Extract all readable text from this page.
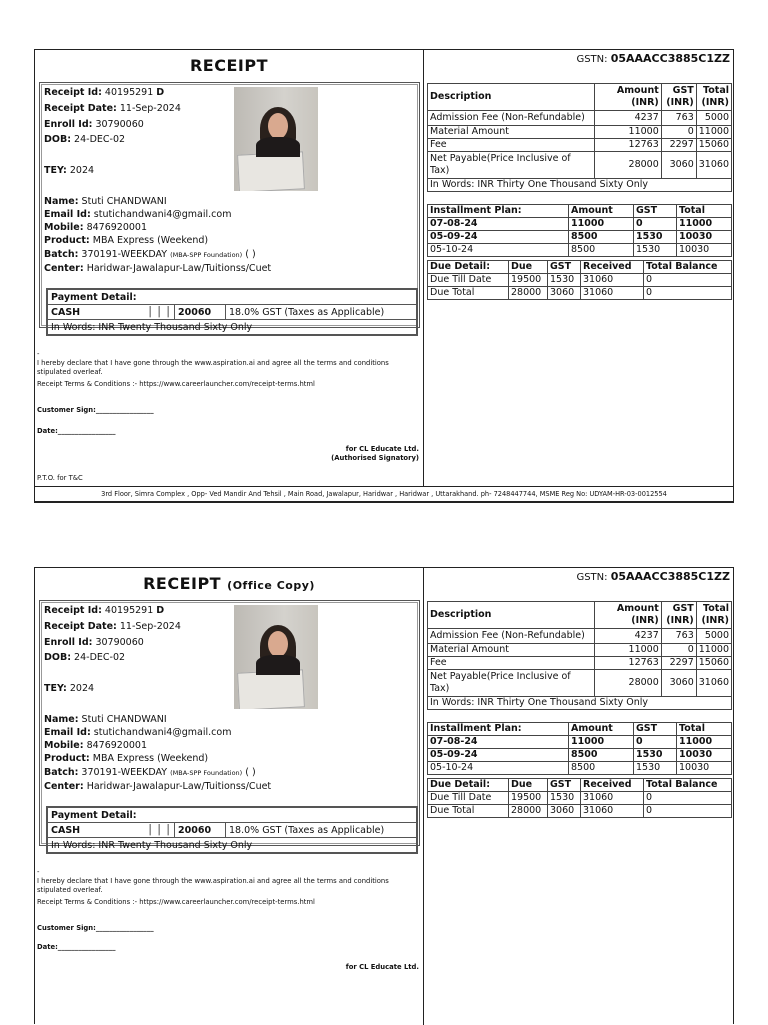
RECEIPT
Receipt Id: 40195291 D
Receipt Date: 11-Sep-2024
Enroll Id: 30790060
DOB: 24-DEC-02
TEY: 2024
Name: Stuti CHANDWANI
Email Id: stutichandwani4@gmail.com
Mobile: 8476920001
Product: MBA Express (Weekend)
Batch: 370191-WEEKDAY (MBA-SPP Foundation) ( )
Center: Haridwar-Jawalapur-Law/Tuitionss/Cuet
Payment Detail:
CASH	│ │ │	20060	18.0% GST (Taxes as Applicable)
In Words: INR Twenty Thousand Sixty Only
-
I hereby declare that I have gone through the www.aspiration.ai and agree all the terms and conditions stipulated overleaf.
Receipt Terms & Conditions :- https://www.careerlauncher.com/receipt-terms.html
Customer Sign:_________________
Date:_________________
for CL Educate Ltd.
(Authorised Signatory)
P.T.O. for T&C
GSTN: 05AAACC3885C1ZZ
Description	Amount (INR)	GST (INR)	Total (INR)
Admission Fee (Non-Refundable)	4237	763	5000
Material Amount	11000	0	11000
Fee	12763	2297	15060
Net Payable(Price Inclusive of Tax)	28000	3060	31060
In Words: INR Thirty One Thousand Sixty Only			
Installment Plan:	Amount	GST	Total
07-08-24	11000	0	11000
05-09-24	8500	1530	10030
05-10-24	8500	1530	10030
Due Detail:	Due	GST	Received	Total Balance
Due Till Date	19500	1530	31060	0
Due Total	28000	3060	31060	0
3rd Floor, Simra Complex , Opp- Ved Mandir And Tehsil , Main Road, Jawalapur, Haridwar , Haridwar , Uttarakhand. ph- 7248447744, MSME Reg No: UDYAM-HR-03-0012554
RECEIPT (Office Copy)
Receipt Id: 40195291 D
Receipt Date: 11-Sep-2024
Enroll Id: 30790060
DOB: 24-DEC-02
TEY: 2024
Name: Stuti CHANDWANI
Email Id: stutichandwani4@gmail.com
Mobile: 8476920001
Product: MBA Express (Weekend)
Batch: 370191-WEEKDAY (MBA-SPP Foundation) ( )
Center: Haridwar-Jawalapur-Law/Tuitionss/Cuet
Payment Detail:
CASH	│ │ │	20060	18.0% GST (Taxes as Applicable)
In Words: INR Twenty Thousand Sixty Only
-
I hereby declare that I have gone through the www.aspiration.ai and agree all the terms and conditions stipulated overleaf.
Receipt Terms & Conditions :- https://www.careerlauncher.com/receipt-terms.html
Customer Sign:_________________
Date:_________________
for CL Educate Ltd.
GSTN: 05AAACC3885C1ZZ
Description	Amount (INR)	GST (INR)	Total (INR)
Admission Fee (Non-Refundable)	4237	763	5000
Material Amount	11000	0	11000
Fee	12763	2297	15060
Net Payable(Price Inclusive of Tax)	28000	3060	31060
In Words: INR Thirty One Thousand Sixty Only			
Installment Plan:	Amount	GST	Total
07-08-24	11000	0	11000
05-09-24	8500	1530	10030
05-10-24	8500	1530	10030
Due Detail:	Due	GST	Received	Total Balance
Due Till Date	19500	1530	31060	0
Due Total	28000	3060	31060	0
